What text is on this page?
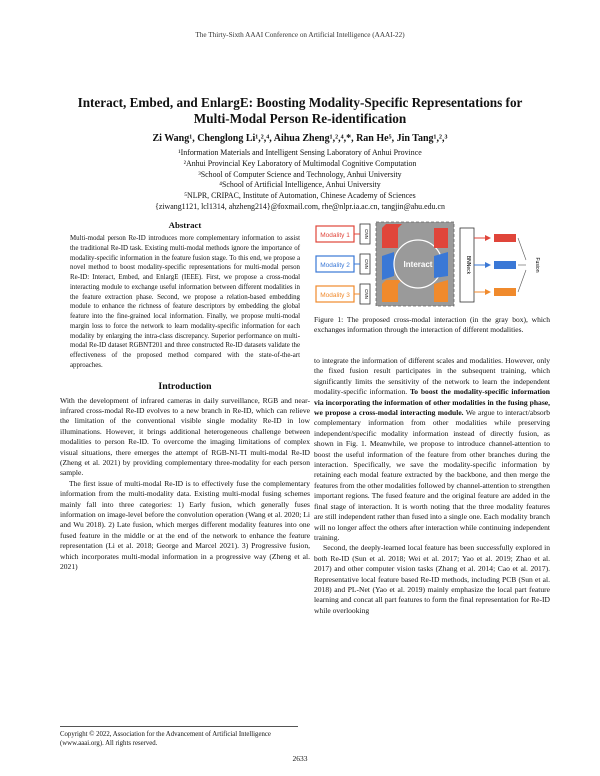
The Thirty-Sixth AAAI Conference on Artificial Intelligence (AAAI-22)
Interact, Embed, and EnlargE: Boosting Modality-Specific Representations for
Multi-Modal Person Re-identification
Zi Wang¹, Chenglong Li¹,²,⁴, Aihua Zheng¹,²,⁴,*, Ran He⁵, Jin Tang¹,²,³
¹Information Materials and Intelligent Sensing Laboratory of Anhui Province
²Anhui Provincial Key Laboratory of Multimodal Cognitive Computation
³School of Computer Science and Technology, Anhui University
⁴School of Artificial Intelligence, Anhui University
⁵NLPR, CRIPAC, Institute of Automation, Chinese Academy of Sciences
{ziwang1121, lcl1314, ahzheng214}@foxmail.com, rhe@nlpr.ia.ac.cn, tangjin@ahu.edu.cn
Abstract

Multi-modal person Re-ID introduces more complementary information to assist the traditional Re-ID task. Existing multi-modal methods ignore the importance of modality-specific information in the feature fusion stage. To this end, we propose a novel method to boost modality-specific representations for multi-modal person Re-ID: Interact, Embed, and EnlargE (IEEE). First, we propose a cross-modal interacting module to exchange useful information between different modalities in the feature extraction phase. Second, we propose a relation-based embedding module to enhance the richness of feature descriptors by embedding the global feature into the fine-grained local information. Finally, we propose multi-modal margin loss to force the network to learn modality-specific information for each modality by enlarging the intra-class discrepancy. Superior performance on multi-modal Re-ID dataset RGBNT201 and three constructed Re-ID datasets validate the effectiveness of the proposed method compared with the state-of-the-art approaches.

Introduction

With the development of infrared cameras in daily surveillance, RGB and near-infrared cross-modal Re-ID evolves to a new branch in Re-ID, which can relieve the limitation of the conventional visible single modality Re-ID in low illuminations. However, it brings additional heterogeneous challenge between modalities to person Re-ID. To overcome the imaging limitations of complex visual situations, there emerges the attempt of RGB-NI-TI multi-modal Re-ID (Zheng et al. 2021) by providing complementary three-modality for each person sample.

The first issue of multi-modal Re-ID is to effectively fuse the complementary information from the multi-modality data. Existing multi-modal fusing schemes mainly fall into three categories: 1) Early fusion, which generally fuses information on image-level before the convolution operation (Wang et al. 2020; Li and Wu 2018). 2) Late fusion, which merges different modality features into one fused feature in the middle or at the end of the network to enhance the feature representation (Li et al. 2018; George and Marcel 2021). 3) Progressive fusion, which incorporates multi-modal information in a progressive way (Zheng et al. 2021)

Copyright © 2022, Association for the Advancement of Artificial Intelligence (www.aaai.org). All rights reserved.
Modality 1
Modality 2
Modality 3
CNN
CNN
CNN
Interact	BNNeck	Fusion
Figure 1: The proposed cross-modal interaction (in the gray box), which exchanges information through the interaction of different modalities.

to integrate the information of different scales and modalities. However, only the fixed fusion result participates in the subsequent training, which significantly limits the sensitivity of the network to learn the independent modality-specific information. To boost the modality-specific information via incorporating the information of other modalities in the fusing phase, we propose a cross-modal interacting module. We argue to interact/absorb complementary information from other modalities while preserving independent/specific modality information instead of directly fusion, as shown in Fig. 1. Meanwhile, we propose to introduce channel-attention to boost the useful information of the feature from other branches during the interaction. Specifically, we save the modality-specific information by retaining each modal feature extracted by the backbone, and then merge the features from the other modalities followed by channel-attention to strengthen important regions. The fused feature and the original feature are added in the final stage of interaction. It is worth noting that the three modality features are still independent rather than fused into a single one. Each modality branch will no longer affect the others after interaction while continuing independent training.

Second, the deeply-learned local feature has been successfully explored in both Re-ID (Sun et al. 2018; Wei et al. 2017; Yao et al. 2019; Zhao et al. 2017) and other computer vision tasks (Zhang et al. 2014; Cao et al. 2017). Representative local feature based Re-ID methods, including PCB (Sun et al. 2018) and PL-Net (Yao et al. 2019) mainly emphasize the local part feature learning and concat all part features to form the final representation for Re-ID while overlooking

2633
